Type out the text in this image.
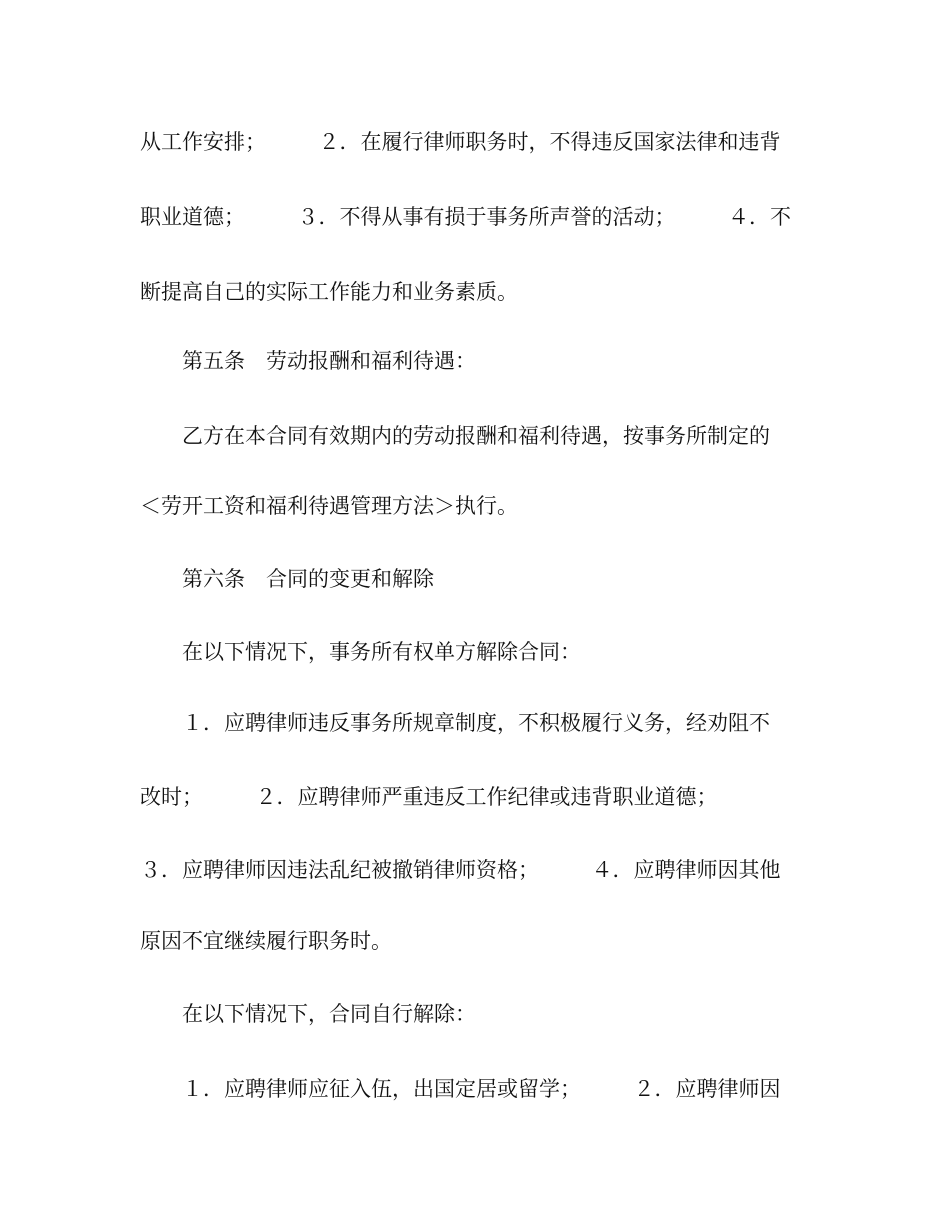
从工作安排；　　　２．在履行律师职务时，不得违反国家法律和违背
职业道德；　　　３．不得从事有损于事务所声誉的活动；　　　４．不
断提高自己的实际工作能力和业务素质。
　　第五条　劳动报酬和福利待遇：
　　乙方在本合同有效期内的劳动报酬和福利待遇，按事务所制定的
＜劳开工资和福利待遇管理方法＞执行。
　　第六条　合同的变更和解除
　　在以下情况下，事务所有权单方解除合同：
　　１．应聘律师违反事务所规章制度，不积极履行义务，经劝阻不
改时；　　　２．应聘律师严重违反工作纪律或违背职业道德；
３．应聘律师因违法乱纪被撤销律师资格；　　　４．应聘律师因其他
原因不宜继续履行职务时。
　　在以下情况下，合同自行解除：
　　１．应聘律师应征入伍，出国定居或留学；　　　２．应聘律师因
